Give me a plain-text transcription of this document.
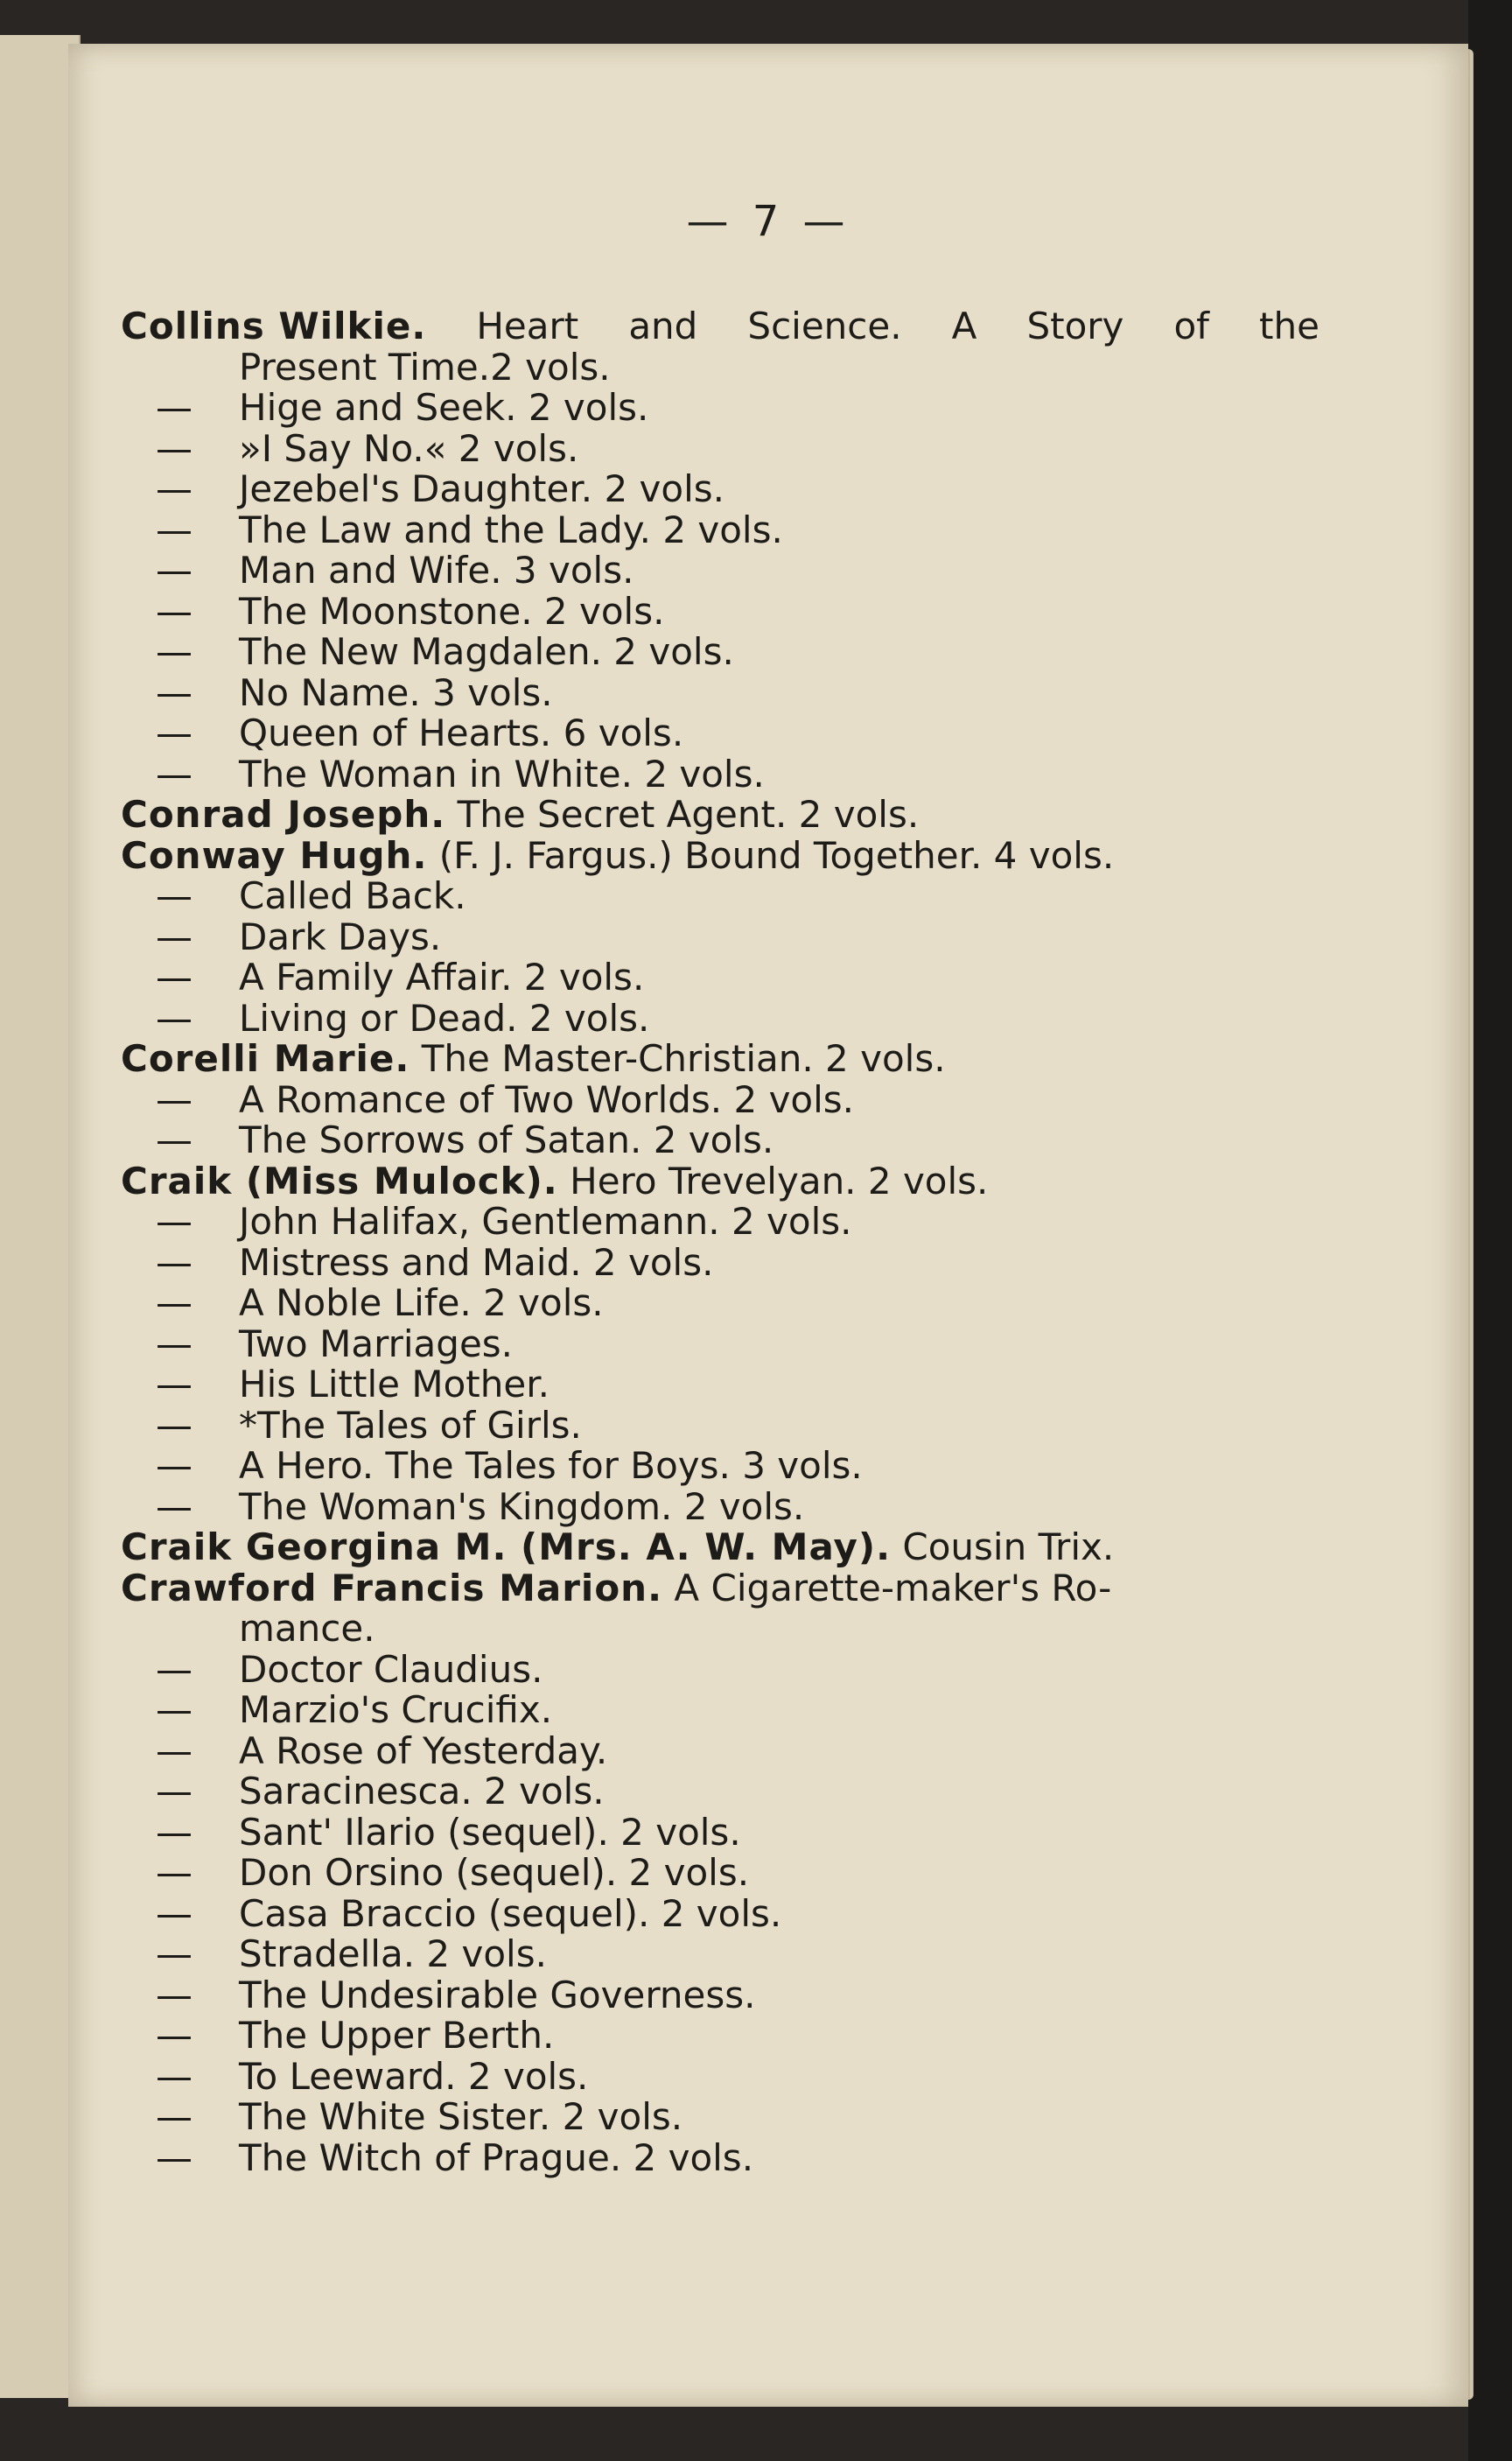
— 7 —
Collins Wilkie. Heart and Science. A Story of the
Present Time.2 vols.
— Hige and Seek. 2 vols.
— »I Say No.« 2 vols.
— Jezebel's Daughter. 2 vols.
— The Law and the Lady. 2 vols.
— Man and Wife. 3 vols.
— The Moonstone. 2 vols.
— The New Magdalen. 2 vols.
— No Name. 3 vols.
— Queen of Hearts. 6 vols.
— The Woman in White. 2 vols.
Conrad Joseph. The Secret Agent. 2 vols.
Conway Hugh. (F. J. Fargus.) Bound Together. 4 vols.
— Called Back.
— Dark Days.
— A Family Affair. 2 vols.
— Living or Dead. 2 vols.
Corelli Marie. The Master-Christian. 2 vols.
— A Romance of Two Worlds. 2 vols.
— The Sorrows of Satan. 2 vols.
Craik (Miss Mulock). Hero Trevelyan. 2 vols.
— John Halifax, Gentlemann. 2 vols.
— Mistress and Maid. 2 vols.
— A Noble Life. 2 vols.
— Two Marriages.
— His Little Mother.
— *The Tales of Girls.
— A Hero. The Tales for Boys. 3 vols.
— The Woman's Kingdom. 2 vols.
Craik Georgina M. (Mrs. A. W. May). Cousin Trix.
Crawford Francis Marion. A Cigarette-maker's Ro-
mance.
— Doctor Claudius.
— Marzio's Crucifix.
— A Rose of Yesterday.
— Saracinesca. 2 vols.
— Sant' Ilario (sequel). 2 vols.
— Don Orsino (sequel). 2 vols.
— Casa Braccio (sequel). 2 vols.
— Stradella. 2 vols.
— The Undesirable Governess.
— The Upper Berth.
— To Leeward. 2 vols.
— The White Sister. 2 vols.
— The Witch of Prague. 2 vols.
